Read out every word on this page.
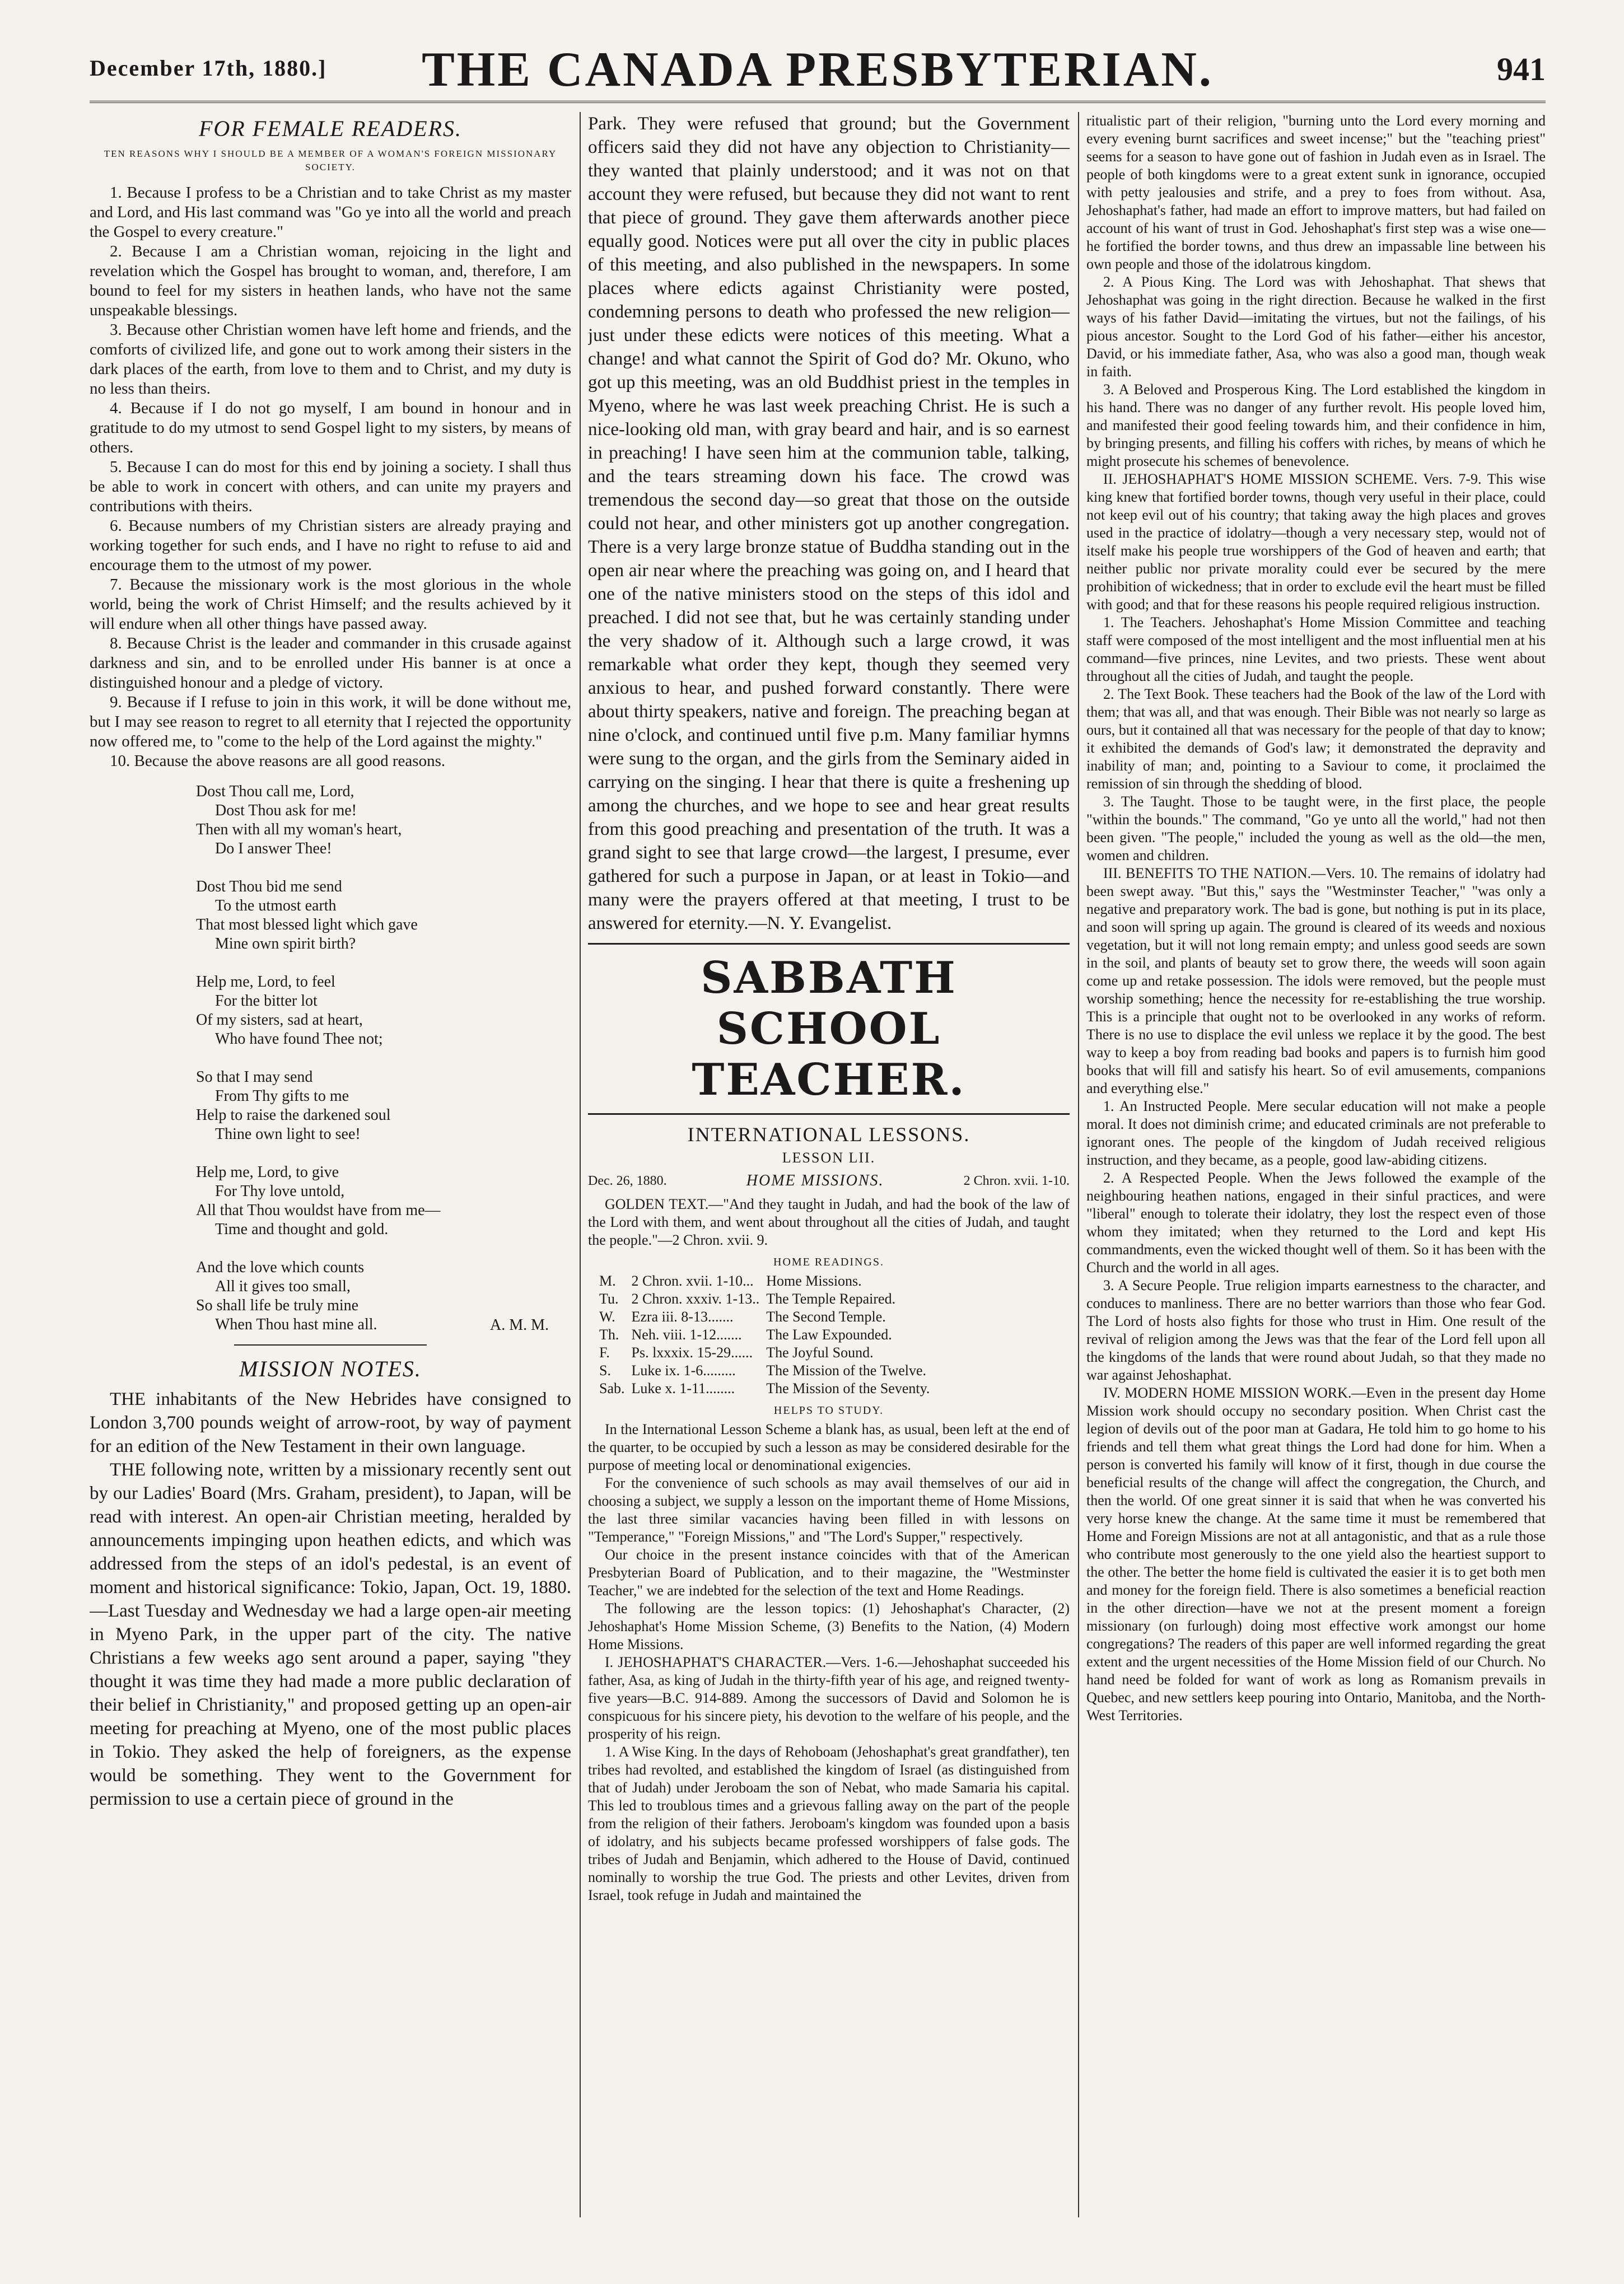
December 17th, 1880.]	THE CANADA PRESBYTERIAN.	941
FOR FEMALE READERS.
TEN REASONS WHY I SHOULD BE A MEMBER OF A WOMAN'S FOREIGN MISSIONARY SOCIETY.

1. Because I profess to be a Christian and to take Christ as my master and Lord, and His last command was "Go ye into all the world and preach the Gospel to every creature."

2. Because I am a Christian woman, rejoicing in the light and revelation which the Gospel has brought to woman, and, therefore, I am bound to feel for my sisters in heathen lands, who have not the same unspeakable blessings.

3. Because other Christian women have left home and friends, and the comforts of civilized life, and gone out to work among their sisters in the dark places of the earth, from love to them and to Christ, and my duty is no less than theirs.

4. Because if I do not go myself, I am bound in honour and in gratitude to do my utmost to send Gospel light to my sisters, by means of others.

5. Because I can do most for this end by joining a society. I shall thus be able to work in concert with others, and can unite my prayers and contributions with theirs.

6. Because numbers of my Christian sisters are already praying and working together for such ends, and I have no right to refuse to aid and encourage them to the utmost of my power.

7. Because the missionary work is the most glorious in the whole world, being the work of Christ Himself; and the results achieved by it will endure when all other things have passed away.

8. Because Christ is the leader and commander in this crusade against darkness and sin, and to be enrolled under His banner is at once a distinguished honour and a pledge of victory.

9. Because if I refuse to join in this work, it will be done without me, but I may see reason to regret to all eternity that I rejected the opportunity now offered me, to "come to the help of the Lord against the mighty."

10. Because the above reasons are all good reasons.

Dost Thou call me, Lord,
Dost Thou ask for me!
Then with all my woman's heart,
Do I answer Thee!
Dost Thou bid me send
To the utmost earth
That most blessed light which gave
Mine own spirit birth?
Help me, Lord, to feel
For the bitter lot
Of my sisters, sad at heart,
Who have found Thee not;
So that I may send
From Thy gifts to me
Help to raise the darkened soul
Thine own light to see!
Help me, Lord, to give
For Thy love untold,
All that Thou wouldst have from me—
Time and thought and gold.
And the love which counts
All it gives too small,
So shall life be truly mine
When Thou hast mine all.	A. M. M.
MISSION NOTES.

THE inhabitants of the New Hebrides have consigned to London 3,700 pounds weight of arrow-root, by way of payment for an edition of the New Testament in their own language.

THE following note, written by a missionary recently sent out by our Ladies' Board (Mrs. Graham, president), to Japan, will be read with interest. An open-air Christian meeting, heralded by announcements impinging upon heathen edicts, and which was addressed from the steps of an idol's pedestal, is an event of moment and historical significance: Tokio, Japan, Oct. 19, 1880.—Last Tuesday and Wednesday we had a large open-air meeting in Myeno Park, in the upper part of the city. The native Christians a few weeks ago sent around a paper, saying "they thought it was time they had made a more public declaration of their belief in Christianity," and proposed getting up an open-air meeting for preaching at Myeno, one of the most public places in Tokio. They asked the help of foreigners, as the expense would be something. They went to the Government for permission to use a certain piece of ground in the

Park. They were refused that ground; but the Government officers said they did not have any objection to Christianity—they wanted that plainly understood; and it was not on that account they were refused, but because they did not want to rent that piece of ground. They gave them afterwards another piece equally good. Notices were put all over the city in public places of this meeting, and also published in the newspapers. In some places where edicts against Christianity were posted, condemning persons to death who professed the new religion—just under these edicts were notices of this meeting. What a change! and what cannot the Spirit of God do? Mr. Okuno, who got up this meeting, was an old Buddhist priest in the temples in Myeno, where he was last week preaching Christ. He is such a nice-looking old man, with gray beard and hair, and is so earnest in preaching! I have seen him at the communion table, talking, and the tears streaming down his face. The crowd was tremendous the second day—so great that those on the outside could not hear, and other ministers got up another congregation. There is a very large bronze statue of Buddha standing out in the open air near where the preaching was going on, and I heard that one of the native ministers stood on the steps of this idol and preached. I did not see that, but he was certainly standing under the very shadow of it. Although such a large crowd, it was remarkable what order they kept, though they seemed very anxious to hear, and pushed forward constantly. There were about thirty speakers, native and foreign. The preaching began at nine o'clock, and continued until five p.m. Many familiar hymns were sung to the organ, and the girls from the Seminary aided in carrying on the singing. I hear that there is quite a freshening up among the churches, and we hope to see and hear great results from this good preaching and presentation of the truth. It was a grand sight to see that large crowd—the largest, I presume, ever gathered for such a purpose in Japan, or at least in Tokio—and many were the prayers offered at that meeting, I trust to be answered for eternity.—N. Y. Evangelist.

SABBATH SCHOOL TEACHER.
INTERNATIONAL LESSONS.
LESSON LII.
Dec. 26, 1880.	HOME MISSIONS.	2 Chron. xvii. 1-10.

GOLDEN TEXT.—"And they taught in Judah, and had the book of the law of the Lord with them, and went about throughout all the cities of Judah, and taught the people."—2 Chron. xvii. 9.

HOME READINGS.
M.	2 Chron. xvii. 1-10...	Home Missions.
Tu.	2 Chron. xxxiv. 1-13..	The Temple Repaired.
W.	Ezra iii. 8-13.......	The Second Temple.
Th.	Neh. viii. 1-12.......	The Law Expounded.
F.	Ps. lxxxix. 15-29......	The Joyful Sound.
S.	Luke ix. 1-6.........	The Mission of the Twelve.
Sab.	Luke x. 1-11........	The Mission of the Seventy.
HELPS TO STUDY.

In the International Lesson Scheme a blank has, as usual, been left at the end of the quarter, to be occupied by such a lesson as may be considered desirable for the purpose of meeting local or denominational exigencies.

For the convenience of such schools as may avail themselves of our aid in choosing a subject, we supply a lesson on the important theme of Home Missions, the last three similar vacancies having been filled in with lessons on "Temperance," "Foreign Missions," and "The Lord's Supper," respectively.

Our choice in the present instance coincides with that of the American Presbyterian Board of Publication, and to their magazine, the "Westminster Teacher," we are indebted for the selection of the text and Home Readings.

The following are the lesson topics: (1) Jehoshaphat's Character, (2) Jehoshaphat's Home Mission Scheme, (3) Benefits to the Nation, (4) Modern Home Missions.

I. JEHOSHAPHAT'S CHARACTER.—Vers. 1-6.—Jehoshaphat succeeded his father, Asa, as king of Judah in the thirty-fifth year of his age, and reigned twenty-five years—B.C. 914-889. Among the successors of David and Solomon he is conspicuous for his sincere piety, his devotion to the welfare of his people, and the prosperity of his reign.

1. A Wise King. In the days of Rehoboam (Jehoshaphat's great grandfather), ten tribes had revolted, and established the kingdom of Israel (as distinguished from that of Judah) under Jeroboam the son of Nebat, who made Samaria his capital. This led to troublous times and a grievous falling away on the part of the people from the religion of their fathers. Jeroboam's kingdom was founded upon a basis of idolatry, and his subjects became professed worshippers of false gods. The tribes of Judah and Benjamin, which adhered to the House of David, continued nominally to worship the true God. The priests and other Levites, driven from Israel, took refuge in Judah and maintained the

ritualistic part of their religion, "burning unto the Lord every morning and every evening burnt sacrifices and sweet incense;" but the "teaching priest" seems for a season to have gone out of fashion in Judah even as in Israel. The people of both kingdoms were to a great extent sunk in ignorance, occupied with petty jealousies and strife, and a prey to foes from without. Asa, Jehoshaphat's father, had made an effort to improve matters, but had failed on account of his want of trust in God. Jehoshaphat's first step was a wise one—he fortified the border towns, and thus drew an impassable line between his own people and those of the idolatrous kingdom.

2. A Pious King. The Lord was with Jehoshaphat. That shews that Jehoshaphat was going in the right direction. Because he walked in the first ways of his father David—imitating the virtues, but not the failings, of his pious ancestor. Sought to the Lord God of his father—either his ancestor, David, or his immediate father, Asa, who was also a good man, though weak in faith.

3. A Beloved and Prosperous King. The Lord established the kingdom in his hand. There was no danger of any further revolt. His people loved him, and manifested their good feeling towards him, and their confidence in him, by bringing presents, and filling his coffers with riches, by means of which he might prosecute his schemes of benevolence.

II. JEHOSHAPHAT'S HOME MISSION SCHEME. Vers. 7-9. This wise king knew that fortified border towns, though very useful in their place, could not keep evil out of his country; that taking away the high places and groves used in the practice of idolatry—though a very necessary step, would not of itself make his people true worshippers of the God of heaven and earth; that neither public nor private morality could ever be secured by the mere prohibition of wickedness; that in order to exclude evil the heart must be filled with good; and that for these reasons his people required religious instruction.

1. The Teachers. Jehoshaphat's Home Mission Committee and teaching staff were composed of the most intelligent and the most influential men at his command—five princes, nine Levites, and two priests. These went about throughout all the cities of Judah, and taught the people.

2. The Text Book. These teachers had the Book of the law of the Lord with them; that was all, and that was enough. Their Bible was not nearly so large as ours, but it contained all that was necessary for the people of that day to know; it exhibited the demands of God's law; it demonstrated the depravity and inability of man; and, pointing to a Saviour to come, it proclaimed the remission of sin through the shedding of blood.

3. The Taught. Those to be taught were, in the first place, the people "within the bounds." The command, "Go ye unto all the world," had not then been given. "The people," included the young as well as the old—the men, women and children.

III. BENEFITS TO THE NATION.—Vers. 10. The remains of idolatry had been swept away. "But this," says the "Westminster Teacher," "was only a negative and preparatory work. The bad is gone, but nothing is put in its place, and soon will spring up again. The ground is cleared of its weeds and noxious vegetation, but it will not long remain empty; and unless good seeds are sown in the soil, and plants of beauty set to grow there, the weeds will soon again come up and retake possession. The idols were removed, but the people must worship something; hence the necessity for re-establishing the true worship. This is a principle that ought not to be overlooked in any works of reform. There is no use to displace the evil unless we replace it by the good. The best way to keep a boy from reading bad books and papers is to furnish him good books that will fill and satisfy his heart. So of evil amusements, companions and everything else."

1. An Instructed People. Mere secular education will not make a people moral. It does not diminish crime; and educated criminals are not preferable to ignorant ones. The people of the kingdom of Judah received religious instruction, and they became, as a people, good law-abiding citizens.

2. A Respected People. When the Jews followed the example of the neighbouring heathen nations, engaged in their sinful practices, and were "liberal" enough to tolerate their idolatry, they lost the respect even of those whom they imitated; when they returned to the Lord and kept His commandments, even the wicked thought well of them. So it has been with the Church and the world in all ages.

3. A Secure People. True religion imparts earnestness to the character, and conduces to manliness. There are no better warriors than those who fear God. The Lord of hosts also fights for those who trust in Him. One result of the revival of religion among the Jews was that the fear of the Lord fell upon all the kingdoms of the lands that were round about Judah, so that they made no war against Jehoshaphat.

IV. MODERN HOME MISSION WORK.—Even in the present day Home Mission work should occupy no secondary position. When Christ cast the legion of devils out of the poor man at Gadara, He told him to go home to his friends and tell them what great things the Lord had done for him. When a person is converted his family will know of it first, though in due course the beneficial results of the change will affect the congregation, the Church, and then the world. Of one great sinner it is said that when he was converted his very horse knew the change. At the same time it must be remembered that Home and Foreign Missions are not at all antagonistic, and that as a rule those who contribute most generously to the one yield also the heartiest support to the other. The better the home field is cultivated the easier it is to get both men and money for the foreign field. There is also sometimes a beneficial reaction in the other direction—have we not at the present moment a foreign missionary (on furlough) doing most effective work amongst our home congregations? The readers of this paper are well informed regarding the great extent and the urgent necessities of the Home Mission field of our Church. No hand need be folded for want of work as long as Romanism prevails in Quebec, and new settlers keep pouring into Ontario, Manitoba, and the North-West Territories.
